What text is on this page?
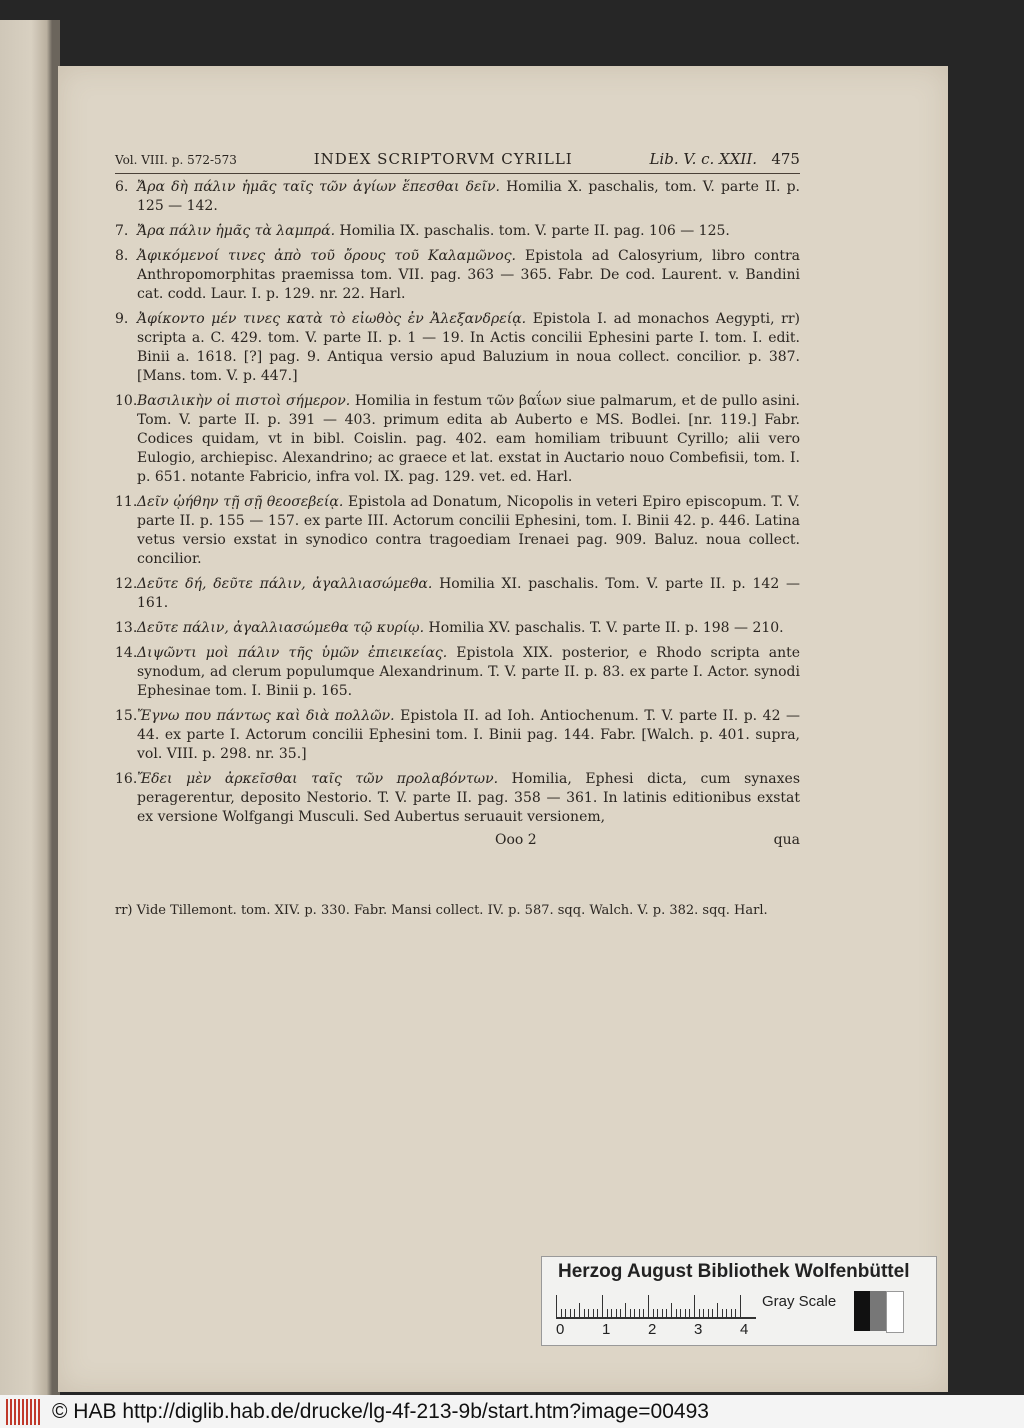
Vol. VIII. p. 572-573	INDEX SCRIPTORVM CYRILLI	Lib. V. c. XXII. 475
6. Ἄρα δὴ πάλιν ἡμᾶς ταῖς τῶν ἁγίων ἕπεσθαι δεῖν. Homilia X. paschalis, tom. V. parte II. p. 125 — 142.
7. Ἄρα πάλιν ἡμᾶς τὰ λαμπρά. Homilia IX. paschalis. tom. V. parte II. pag. 106 — 125.
8. Ἀφικόμενοί τινες ἀπὸ τοῦ ὄρους τοῦ Καλαμῶνος. Epistola ad Calosyrium, libro contra Anthropomorphitas praemissa tom. VII. pag. 363 — 365. Fabr. De cod. Laurent. v. Bandini cat. codd. Laur. I. p. 129. nr. 22. Harl.
9. Ἀφίκοντο μέν τινες κατὰ τὸ εἰωθὸς ἐν Ἀλεξανδρείᾳ. Epistola I. ad monachos Aegypti, rr) scripta a. C. 429. tom. V. parte II. p. 1 — 19. In Actis concilii Ephesini parte I. tom. I. edit. Binii a. 1618. [?] pag. 9. Antiqua versio apud Baluzium in noua collect. concilior. p. 387. [Mans. tom. V. p. 447.]
10. Βασιλικὴν οἱ πιστοὶ σήμερον. Homilia in festum τῶν βαΐων siue palmarum, et de pullo asini. Tom. V. parte II. p. 391 — 403. primum edita ab Auberto e MS. Bodlei. [nr. 119.] Fabr. Codices quidam, vt in bibl. Coislin. pag. 402. eam homiliam tribuunt Cyrillo; alii vero Eulogio, archiepisc. Alexandrino; ac graece et lat. exstat in Auctario nouo Combefisii, tom. I. p. 651. notante Fabricio, infra vol. IX. pag. 129. vet. ed. Harl.
11. Δεῖν ᾠήθην τῇ σῇ θεοσεβείᾳ. Epistola ad Donatum, Nicopolis in veteri Epiro episcopum. T. V. parte II. p. 155 — 157. ex parte III. Actorum concilii Ephesini, tom. I. Binii 42. p. 446. Latina vetus versio exstat in synodico contra tragoediam Irenaei pag. 909. Baluz. noua collect. concilior.
12. Δεῦτε δή, δεῦτε πάλιν, ἀγαλλιασώμεθα. Homilia XI. paschalis. Tom. V. parte II. p. 142 — 161.
13. Δεῦτε πάλιν, ἀγαλλιασώμεθα τῷ κυρίῳ. Homilia XV. paschalis. T. V. parte II. p. 198 — 210.
14. Διψῶντι μοὶ πάλιν τῆς ὑμῶν ἐπιεικείας. Epistola XIX. posterior, e Rhodo scripta ante synodum, ad clerum populumque Alexandrinum. T. V. parte II. p. 83. ex parte I. Actor. synodi Ephesinae tom. I. Binii p. 165.
15. Ἔγνω που πάντως καὶ διὰ πολλῶν. Epistola II. ad Ioh. Antiochenum. T. V. parte II. p. 42 — 44. ex parte I. Actorum concilii Ephesini tom. I. Binii pag. 144. Fabr. [Walch. p. 401. supra, vol. VIII. p. 298. nr. 35.]
16. Ἔδει μὲν ἀρκεῖσθαι ταῖς τῶν προλαβόντων. Homilia, Ephesi dicta, cum synaxes peragerentur, deposito Nestorio. T. V. parte II. pag. 358 — 361. In latinis editionibus exstat ex versione Wolfgangi Musculi. Sed Aubertus seruauit versionem,
Ooo 2	qua
rr) Vide Tillemont. tom. XIV. p. 330. Fabr. Mansi collect. IV. p. 587. sqq. Walch. V. p. 382. sqq. Harl.
Herzog August Bibliothek Wolfenbüttel
0	1	2	3	4
Gray Scale
© HAB http://diglib.hab.de/drucke/lg-4f-213-9b/start.htm?image=00493
